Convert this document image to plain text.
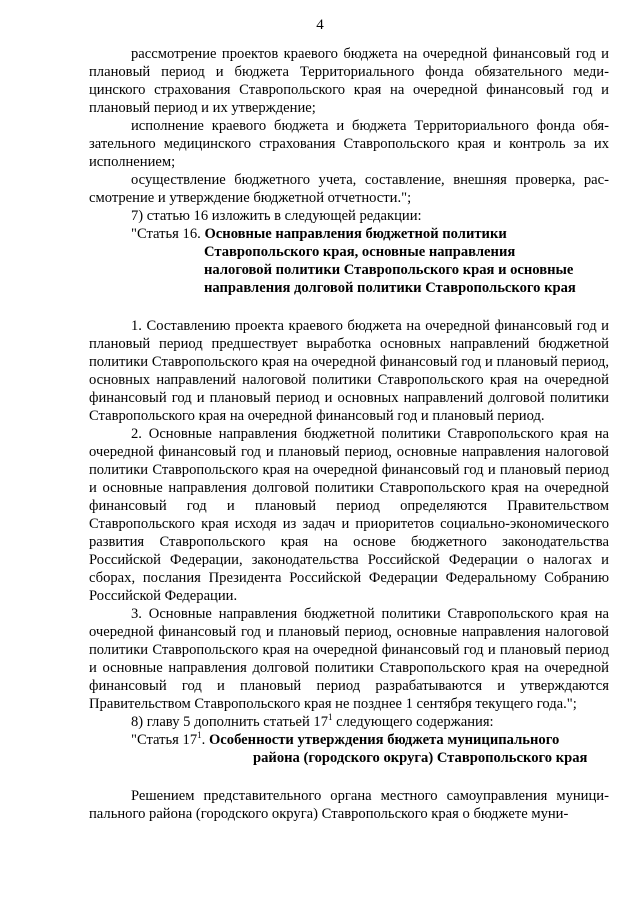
4

рассмотрение проектов краевого бюджета на очередной финансовый год и плановый период и бюджета Территориального фонда обязательного медицинского страхования Ставропольского края на очередной финансовый год и плановый период и их утверждение;

исполнение краевого бюджета и бюджета Территориального фонда обязательного медицинского страхования Ставропольского края и контроль за их исполнением;

осуществление бюджетного учета, составление, внешняя проверка, рассмотрение и утверждение бюджетной отчетности.";

7) статью 16 изложить в следующей редакции:

"Статья 16. Основные направления бюджетной политики
Ставропольского края, основные направления
налоговой политики Ставропольского края и основные
направления долговой политики Ставропольского края

1. Составлению проекта краевого бюджета на очередной финансовый год и плановый период предшествует выработка основных направлений бюджетной политики Ставропольского края на очередной финансовый год и плановый период, основных направлений налоговой политики Ставропольского края на очередной финансовый год и плановый период и основных направлений долговой политики Ставропольского края на очередной финансовый год и плановый период.

2. Основные направления бюджетной политики Ставропольского края на очередной финансовый год и плановый период, основные направления налоговой политики Ставропольского края на очередной финансовый год и плановый период и основные направления долговой политики Ставропольского края на очередной финансовый год и плановый период определяются Правительством Ставропольского края исходя из задач и приоритетов социально-экономического развития Ставропольского края на основе бюджетного законодательства Российской Федерации, законодательства Российской Федерации о налогах и сборах, послания Президента Российской Федерации Федеральному Собранию Российской Федерации.

3. Основные направления бюджетной политики Ставропольского края на очередной финансовый год и плановый период, основные направления налоговой политики Ставропольского края на очередной финансовый год и плановый период и основные направления долговой политики Ставропольского края на очередной финансовый год и плановый период разрабатываются и утверждаются Правительством Ставропольского края не позднее 1 сентября текущего года.";

8) главу 5 дополнить статьей $17^1$ следующего содержания:

"Статья $17^1$. Особенности утверждения бюджета муниципального
района (городского округа) Ставропольского края

Решением представительного органа местного самоуправления муниципального района (городского округа) Ставропольского края о бюджете муни-
